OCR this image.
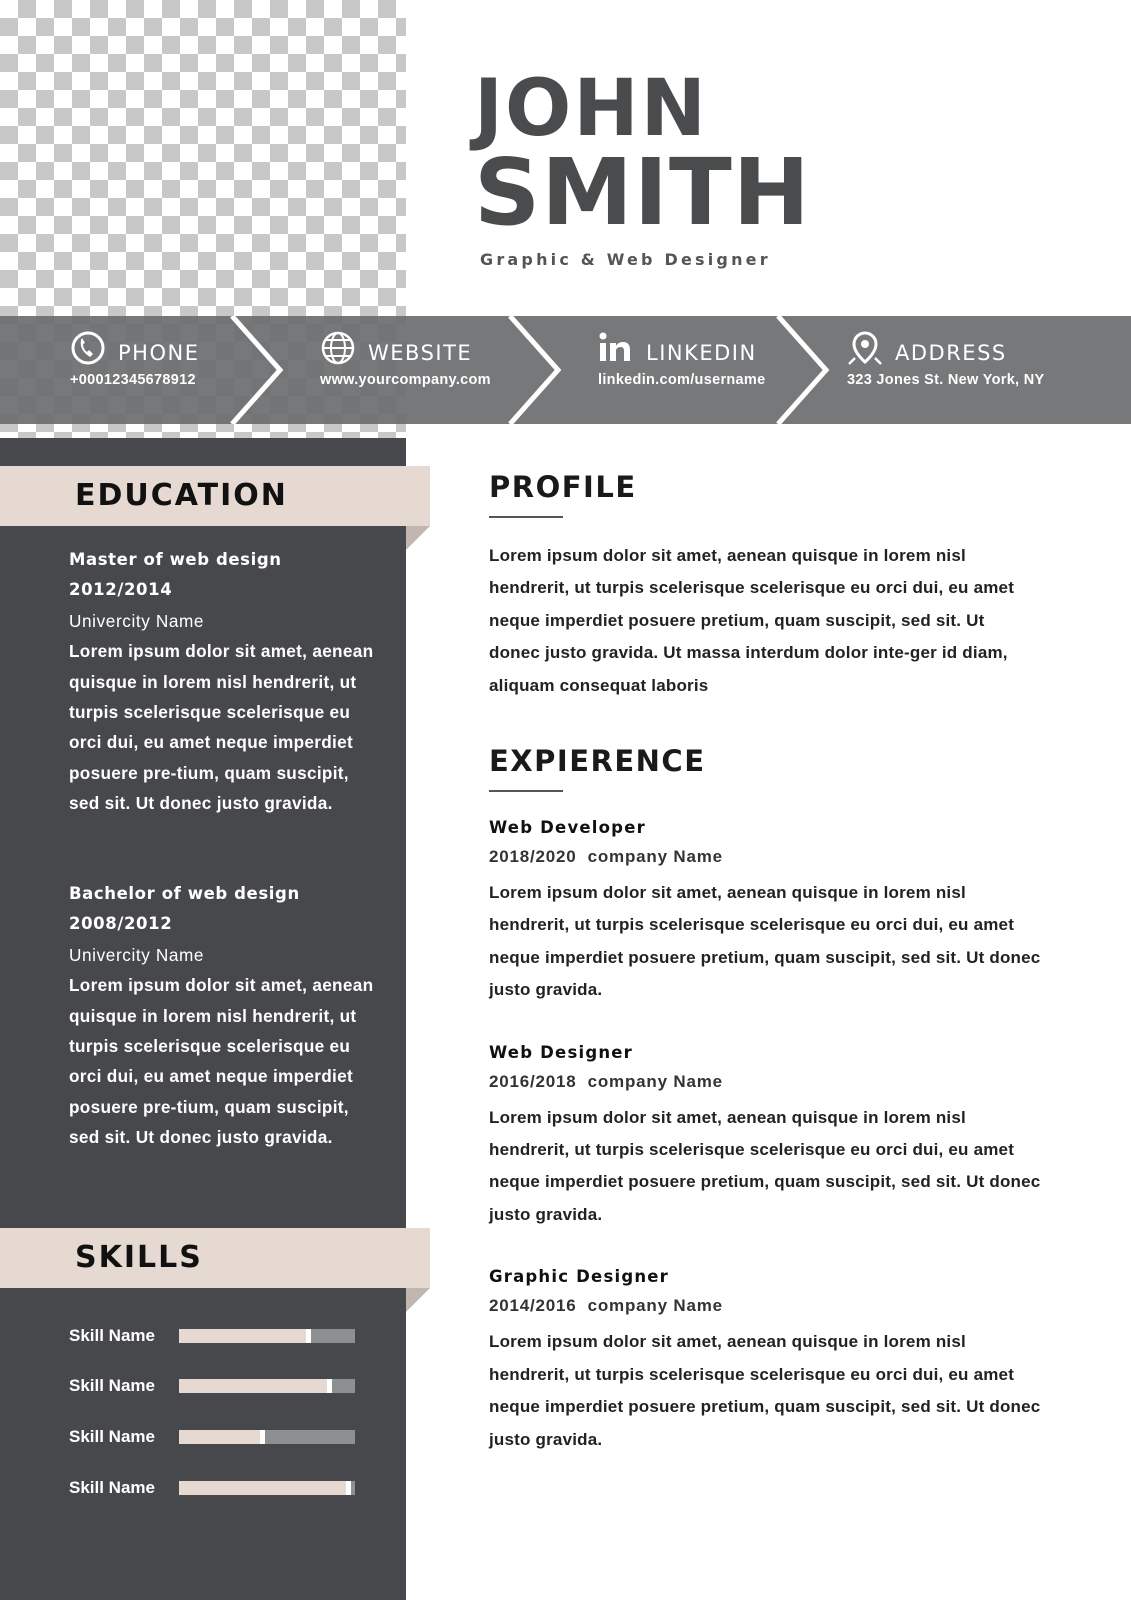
JOHN
SMITH
Graphic & Web Designer
PHONE
+00012345678912
WEBSITE
www.yourcompany.com
LINKEDIN
linkedin.com/username
ADDRESS
323 Jones St. New York, NY
EDUCATION
Master of web design
2012/2014
Univercity Name
Lorem ipsum dolor sit amet, aenean quisque in lorem nisl hendrerit, ut turpis scelerisque scelerisque eu orci dui, eu amet neque imperdiet posuere pre-tium, quam suscipit, sed sit. Ut donec justo gravida.
Bachelor of web design
2008/2012
Univercity Name
Lorem ipsum dolor sit amet, aenean quisque in lorem nisl hendrerit, ut turpis scelerisque scelerisque eu orci dui, eu amet neque imperdiet posuere pre-tium, quam suscipit, sed sit. Ut donec justo gravida.
SKILLS
Skill Name
Skill Name
Skill Name
Skill Name
PROFILE
Lorem ipsum dolor sit amet, aenean quisque in lorem nisl hendrerit, ut turpis scelerisque scelerisque eu orci dui, eu amet neque imperdiet posuere pretium, quam suscipit, sed sit. Ut donec justo gravida. Ut massa interdum dolor inte-ger id diam, aliquam consequat laboris
EXPIERENCE
Web Developer
2018/2020 company Name
Lorem ipsum dolor sit amet, aenean quisque in lorem nisl hendrerit, ut turpis scelerisque scelerisque eu orci dui, eu amet neque imperdiet posuere pretium, quam suscipit, sed sit. Ut donec justo gravida.
Web Designer
2016/2018 company Name
Lorem ipsum dolor sit amet, aenean quisque in lorem nisl hendrerit, ut turpis scelerisque scelerisque eu orci dui, eu amet neque imperdiet posuere pretium, quam suscipit, sed sit. Ut donec justo gravida.
Graphic Designer
2014/2016 company Name
Lorem ipsum dolor sit amet, aenean quisque in lorem nisl hendrerit, ut turpis scelerisque scelerisque eu orci dui, eu amet neque imperdiet posuere pretium, quam suscipit, sed sit. Ut donec justo gravida.
